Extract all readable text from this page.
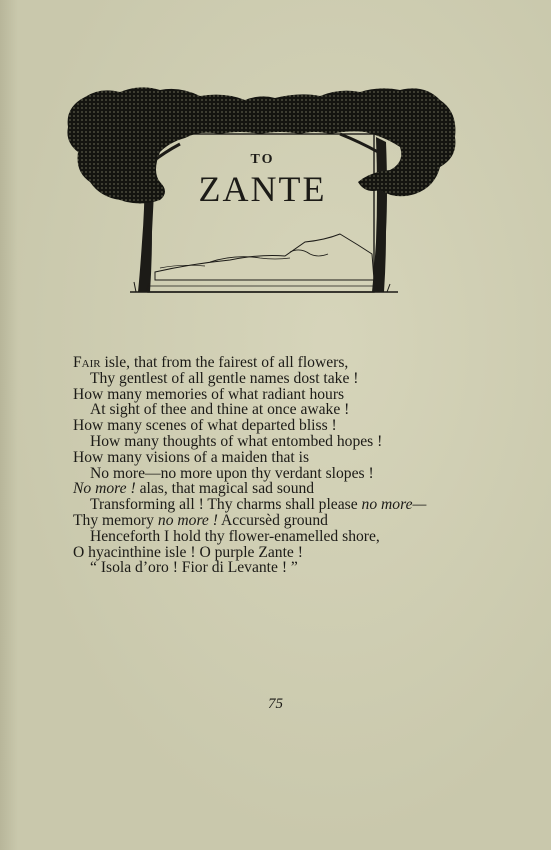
TO
ZANTE
Fair isle, that from the fairest of all flowers,
Thy gentlest of all gentle names dost take !
How many memories of what radiant hours
At sight of thee and thine at once awake !
How many scenes of what departed bliss !
How many thoughts of what entombed hopes !
How many visions of a maiden that is
No more—no more upon thy verdant slopes !
No more ! alas, that magical sad sound
Transforming all ! Thy charms shall please no more—
Thy memory no more ! Accursèd ground
Henceforth I hold thy flower-enamelled shore,
O hyacinthine isle ! O purple Zante !
“ Isola d’oro ! Fior di Levante ! ”
75
